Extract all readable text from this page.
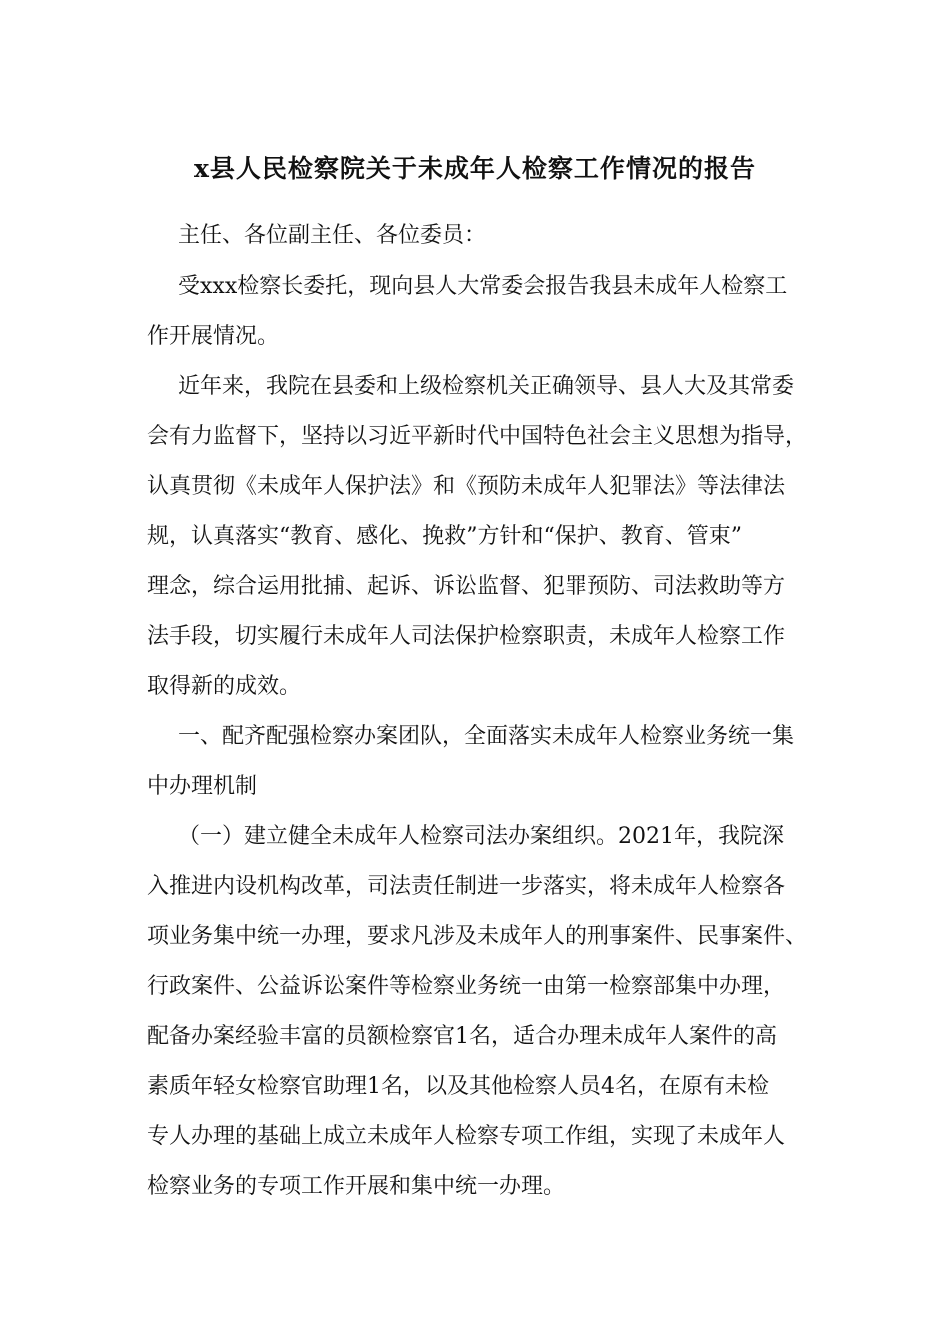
x县人民检察院关于未成年人检察工作情况的报告
主任、各位副主任、各位委员：
受xxx检察长委托，现向县人大常委会报告我县未成年人检察工
作开展情况。
近年来，我院在县委和上级检察机关正确领导、县人大及其常委
会有力监督下，坚持以习近平新时代中国特色社会主义思想为指导，
认真贯彻《未成年人保护法》和《预防未成年人犯罪法》等法律法
规，认真落实“教育、感化、挽救”方针和“保护、教育、管束”
理念，综合运用批捕、起诉、诉讼监督、犯罪预防、司法救助等方
法手段，切实履行未成年人司法保护检察职责，未成年人检察工作
取得新的成效。
一、配齐配强检察办案团队，全面落实未成年人检察业务统一集
中办理机制
（一）建立健全未成年人检察司法办案组织。2021年，我院深
入推进内设机构改革，司法责任制进一步落实，将未成年人检察各
项业务集中统一办理，要求凡涉及未成年人的刑事案件、民事案件、
行政案件、公益诉讼案件等检察业务统一由第一检察部集中办理，
配备办案经验丰富的员额检察官1名，适合办理未成年人案件的高
素质年轻女检察官助理1名，以及其他检察人员4名，在原有未检
专人办理的基础上成立未成年人检察专项工作组，实现了未成年人
检察业务的专项工作开展和集中统一办理。
